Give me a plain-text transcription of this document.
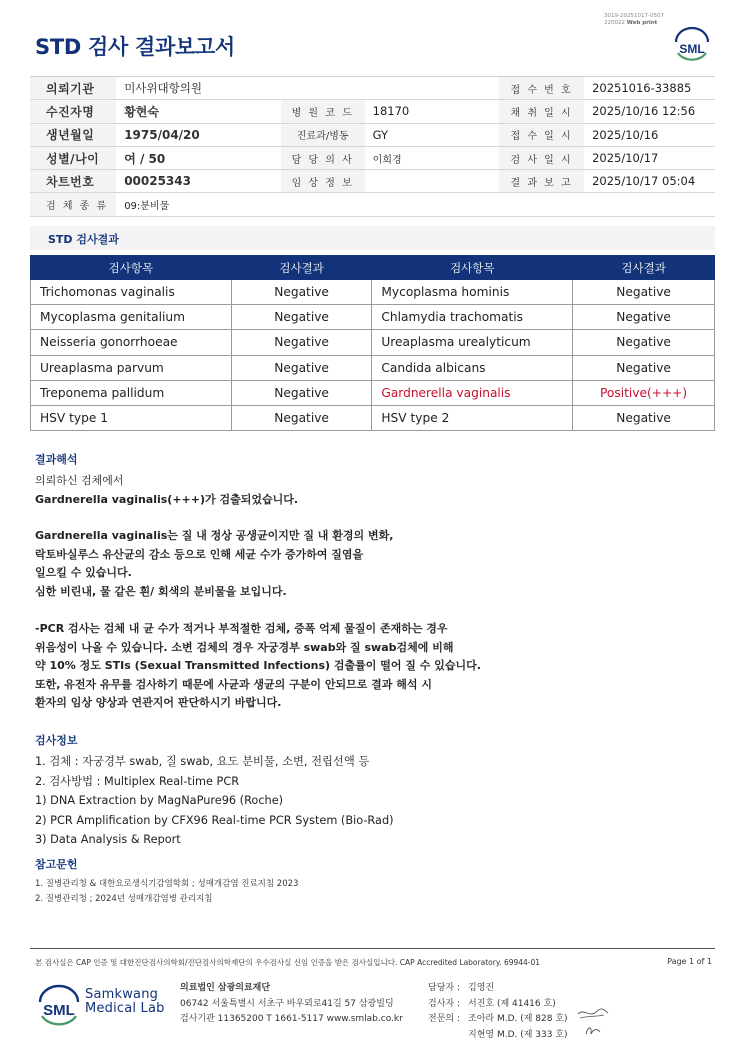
3019-20251017-0507
220022 Web print
STD 검사 결과보고서	SML
의뢰기관	미사위대항의원			접 수 번 호	20251016-33885
수진자명	황현숙	병 원 코 드	18170	채 취 일 시	2025/10/16 12:56
생년월일	1975/04/20	진료과/병동	GY	접 수 일 시	2025/10/16
성별/나이	여 / 50	담 당 의 사	이희경	검 사 일 시	2025/10/17
차트번호	00025343	임 상 정 보		결 과 보 고	2025/10/17 05:04
검 체 종 류	09:분비물				
STD 검사결과
검사항목	검사결과	검사항목	검사결과
Trichomonas vaginalis	Negative	Mycoplasma hominis	Negative
Mycoplasma genitalium	Negative	Chlamydia trachomatis	Negative
Neisseria gonorrhoeae	Negative	Ureaplasma urealyticum	Negative
Ureaplasma parvum	Negative	Candida albicans	Negative
Treponema pallidum	Negative	Gardnerella vaginalis	Positive(+++)
HSV type 1	Negative	HSV type 2	Negative
결과해석
의뢰하신 검체에서
Gardnerella vaginalis(+++)가 검출되었습니다.
Gardnerella vaginalis는 질 내 정상 공생균이지만 질 내 환경의 변화,
락토바실루스 유산균의 감소 등으로 인해 세균 수가 증가하여 질염을
일으킬 수 있습니다.
심한 비린내, 물 같은 흰/ 회색의 분비물을 보입니다.
-PCR 검사는 검체 내 균 수가 적거나 부적절한 검체, 증폭 억제 물질이 존재하는 경우
위음성이 나올 수 있습니다. 소변 검체의 경우 자궁경부 swab와 질 swab검체에 비해
약 10% 정도 STIs (Sexual Transmitted Infections) 검출률이 떨어 질 수 있습니다.
또한, 유전자 유무를 검사하기 때문에 사균과 생균의 구분이 안되므로 결과 해석 시
환자의 임상 양상과 연관지어 판단하시기 바랍니다.
검사정보
1. 검체 : 자궁경부 swab, 질 swab, 요도 분비물, 소변, 전립선액 등
2. 검사방법 : Multiplex Real-time PCR
1) DNA Extraction by MagNaPure96 (Roche)
2) PCR Amplification by CFX96 Real-time PCR System (Bio-Rad)
3) Data Analysis & Report
참고문헌
1. 질병관리청 & 대한요로생식기감염학회 ; 성매개감염 진료지침 2023
2. 질병관리청 ; 2024년 성매개감염병 관리지침
본 검사실은 CAP 인증 및 대한진단검사의학회/진단검사의학재단의 우수검사실 신임 인증을 받은 검사실입니다. CAP Accredited Laboratory. 69944-01	Page 1 of 1
SML
Samkwang
Medical Lab
의료법인 삼광의료재단
06742 서울특별시 서초구 바우뫼로41길 57 삼광빌딩
검사기관 11365200 T 1661-5117 www.smlab.co.kr
담당자 : 김영진
검사자 : 서진호 (제 41416 호)
전문의 : 조아라 M.D. (제 828 호)
지현영 M.D. (제 333 호)
